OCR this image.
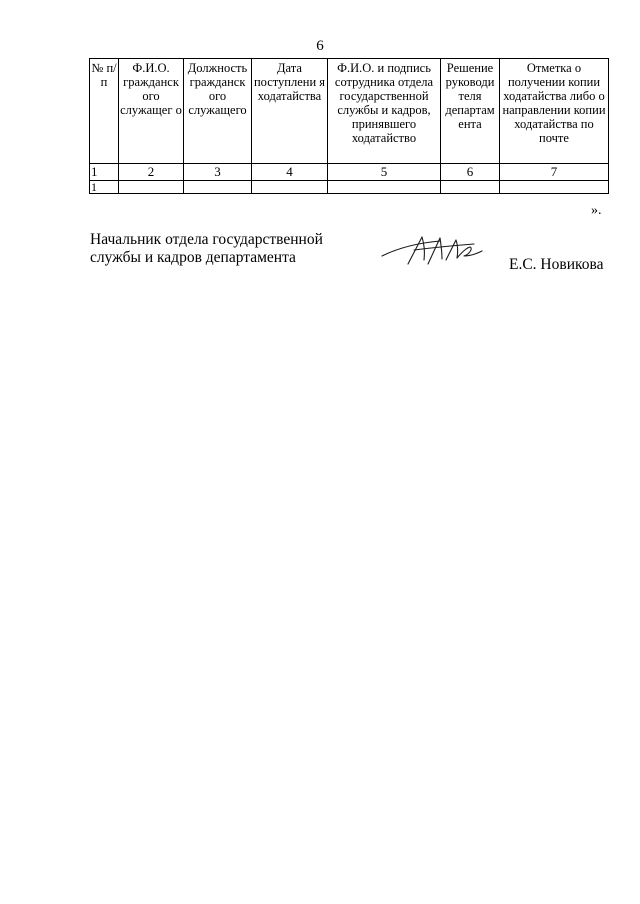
6
№ п/п	Ф.И.О. гражданск ого служащег о	Должность гражданск ого служащего	Дата поступлени я ходатайства	Ф.И.О. и подпись сотрудника отдела государственной службы и кадров, принявшего ходатайство	Решение руководи теля департам ента	Отметка о получении копии ходатайства либо о направлении копии ходатайства по почте
1	2	3	4	5	6	7
1						
».
Начальник отдела государственной
службы и кадров департамента	Е.С. Новикова
